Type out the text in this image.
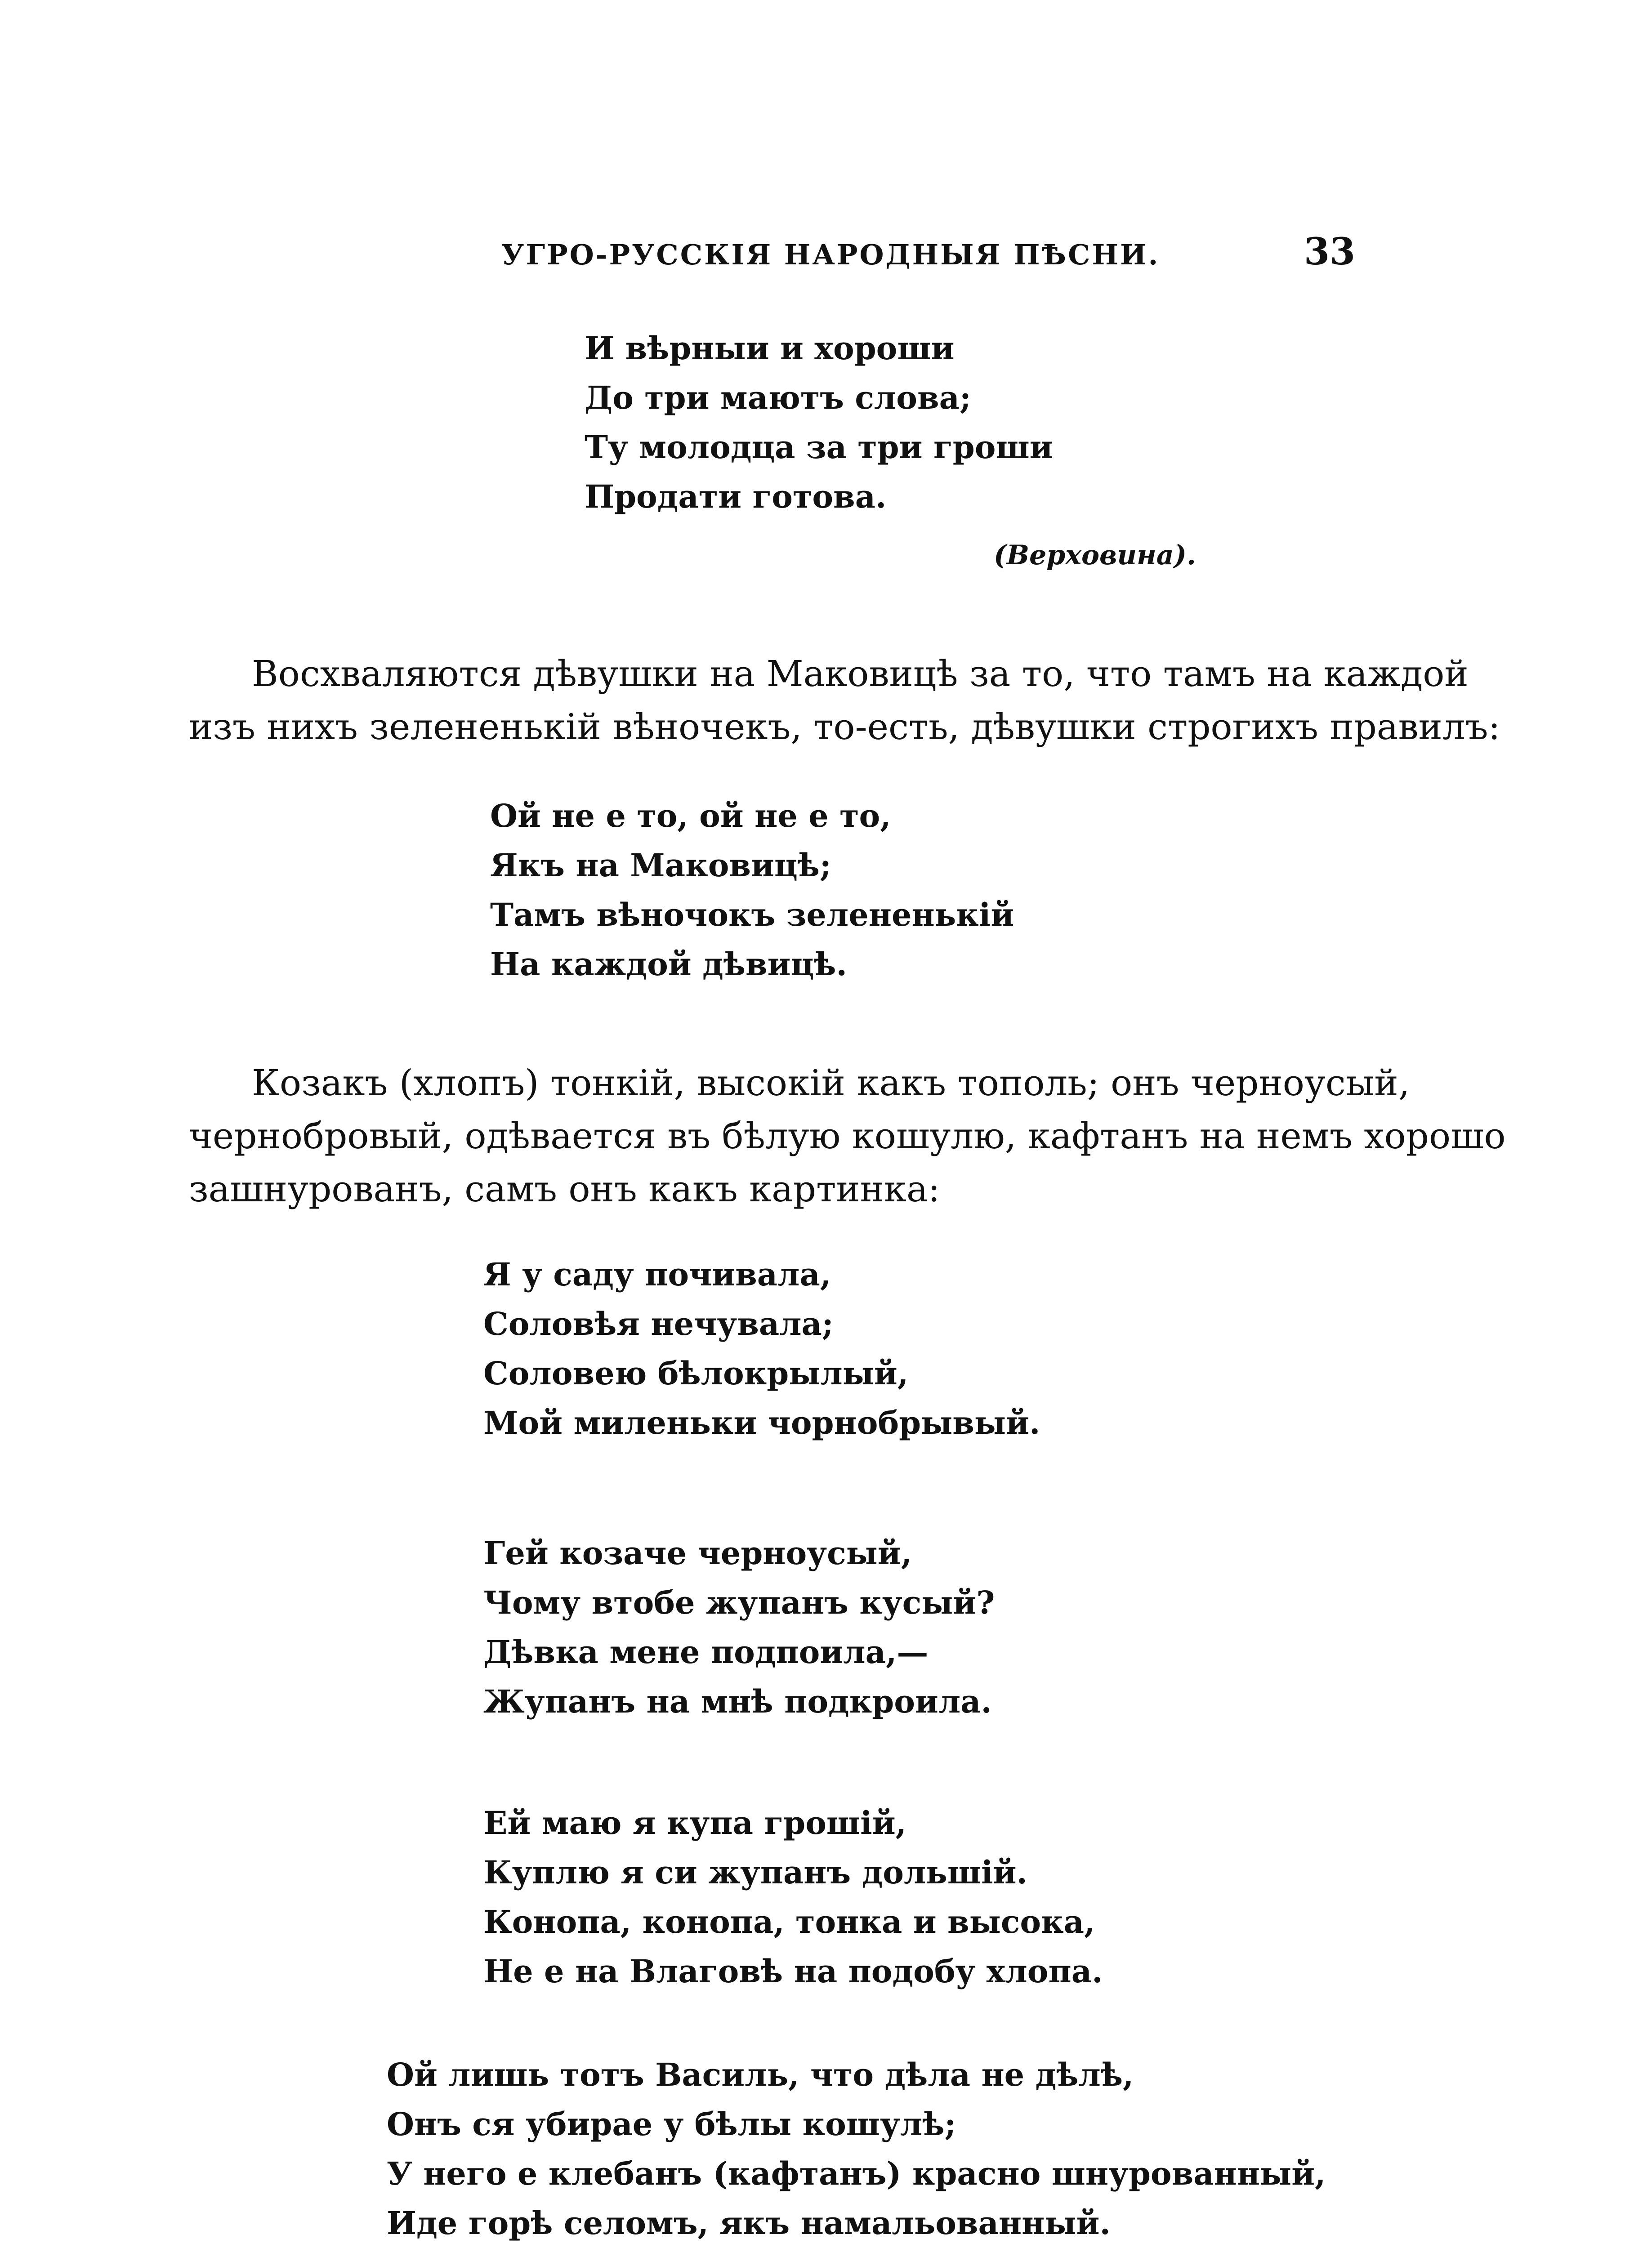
УГРО-РУССКІЯ НАРОДНЫЯ ПѢСНИ.	33
И вѣрныи и хороши
До три маютъ слова;
Ту молодца за три гроши
Продати готова.
(Верховина).
Восхваляются дѣвушки на Маковицѣ за то, что тамъ на каждой
изъ нихъ зелененькій вѣночекъ, то-есть, дѣвушки строгихъ правилъ:
Ой не е то, ой не е то,
Якъ на Маковицѣ;
Тамъ вѣночокъ зелененькій
На каждой дѣвицѣ.
Козакъ (хлопъ) тонкій, высокій какъ тополь; онъ черноусый,
чернобровый, одѣвается въ бѣлую кошулю, кафтанъ на немъ хорошо
зашнурованъ, самъ онъ какъ картинка:
Я у саду почивала,
Соловѣя нечувала;
Соловею бѣлокрылый,
Мой миленьки чорнобрывый.
Гей козаче черноусый,
Чому втобе жупанъ кусый?
Дѣвка мене подпоила,—
Жупанъ на мнѣ подкроила.
Ей маю я купа грошій,
Куплю я си жупанъ дольшій.
Конопа, конопа, тонка и высока,
Не е на Влаговѣ на подобу хлопа.
Ой лишь тотъ Василь, что дѣла не дѣлѣ,
Онъ ся убирае у бѣлы кошулѣ;
У него е клебанъ (кафтанъ) красно шнурованный,
Иде горѣ селомъ, якъ намальованный.
